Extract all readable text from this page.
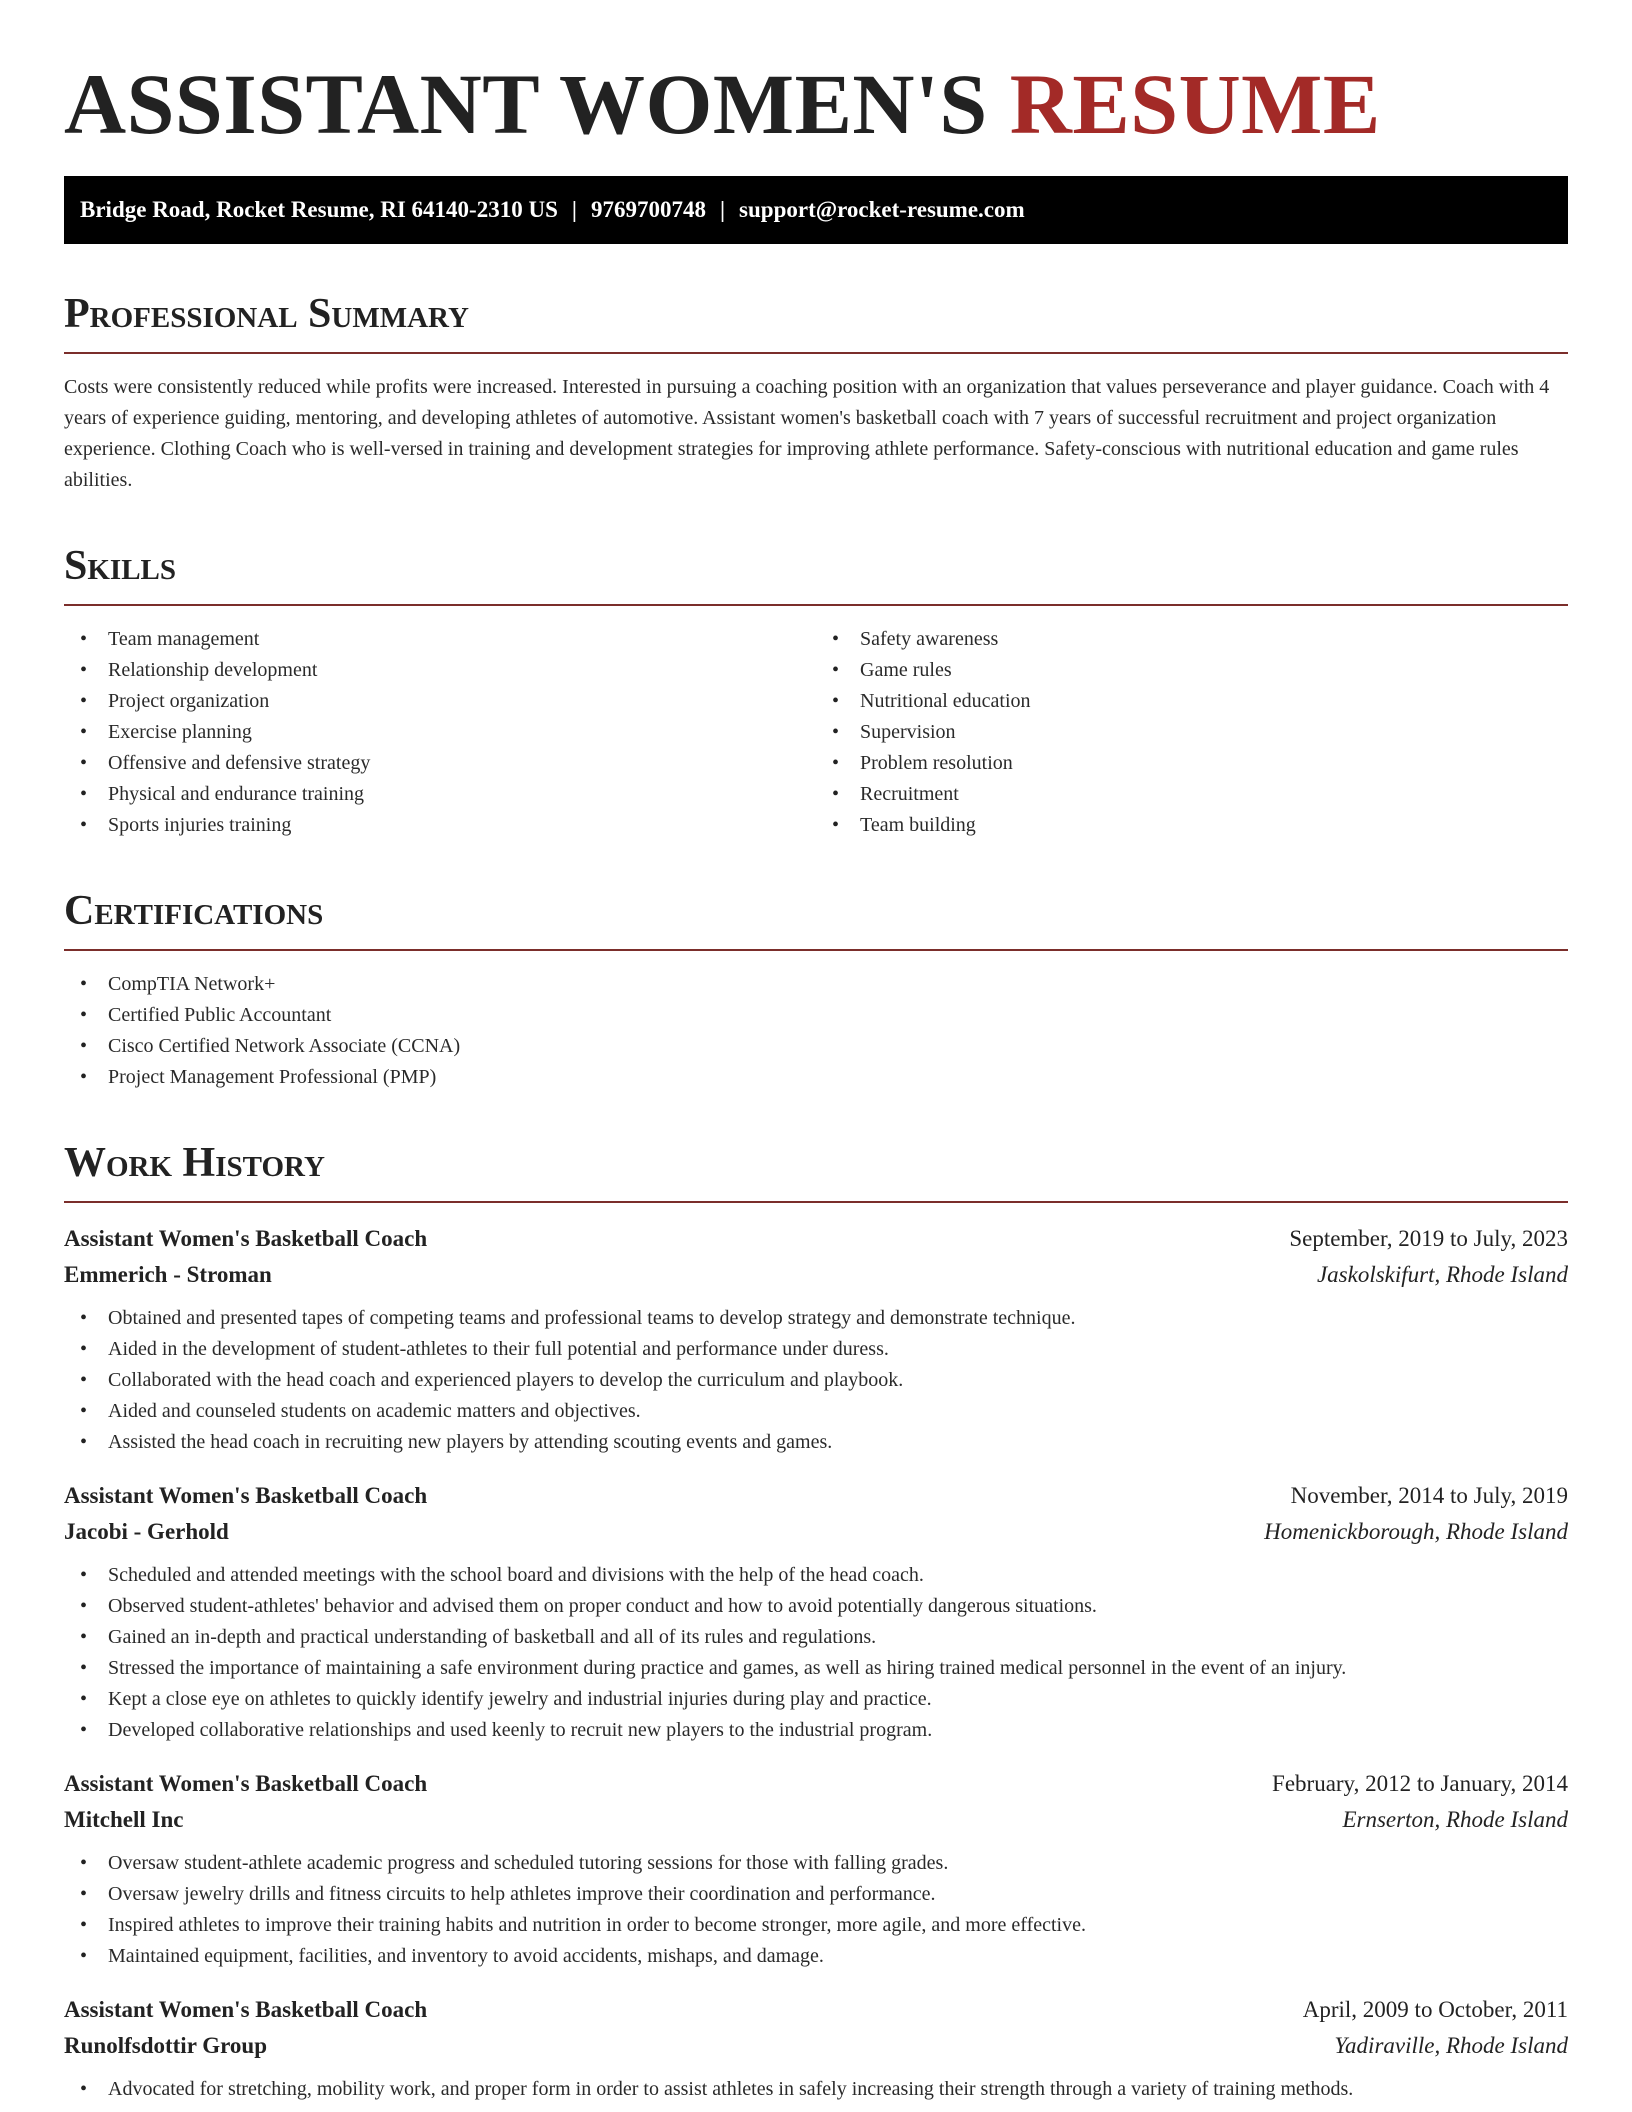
ASSISTANT WOMEN'S RESUME
Bridge Road, Rocket Resume, RI 64140-2310 US | 9769700748 | support@rocket-resume.com
Professional Summary

Costs were consistently reduced while profits were increased. Interested in pursuing a coaching position with an organization that values perseverance and player guidance. Coach with 4 years of experience guiding, mentoring, and developing athletes of automotive. Assistant women's basketball coach with 7 years of successful recruitment and project organization experience. Clothing Coach who is well-versed in training and development strategies for improving athlete performance. Safety-conscious with nutritional education and game rules abilities.

Skills
• Team management
• Relationship development
• Project organization
• Exercise planning
• Offensive and defensive strategy
• Physical and endurance training
• Sports injuries training
• Safety awareness
• Game rules
• Nutritional education
• Supervision
• Problem resolution
• Recruitment
• Team building
Certifications
• CompTIA Network+
• Certified Public Accountant
• Cisco Certified Network Associate (CCNA)
• Project Management Professional (PMP)
Work History
Assistant Women's Basketball Coach	September, 2019 to July, 2023
Emmerich - Stroman	Jaskolskifurt, Rhode Island
• Obtained and presented tapes of competing teams and professional teams to develop strategy and demonstrate technique.
• Aided in the development of student-athletes to their full potential and performance under duress.
• Collaborated with the head coach and experienced players to develop the curriculum and playbook.
• Aided and counseled students on academic matters and objectives.
• Assisted the head coach in recruiting new players by attending scouting events and games.
Assistant Women's Basketball Coach	November, 2014 to July, 2019
Jacobi - Gerhold	Homenickborough, Rhode Island
• Scheduled and attended meetings with the school board and divisions with the help of the head coach.
• Observed student-athletes' behavior and advised them on proper conduct and how to avoid potentially dangerous situations.
• Gained an in-depth and practical understanding of basketball and all of its rules and regulations.
• Stressed the importance of maintaining a safe environment during practice and games, as well as hiring trained medical personnel in the event of an injury.
• Kept a close eye on athletes to quickly identify jewelry and industrial injuries during play and practice.
• Developed collaborative relationships and used keenly to recruit new players to the industrial program.
Assistant Women's Basketball Coach	February, 2012 to January, 2014
Mitchell Inc	Ernserton, Rhode Island
• Oversaw student-athlete academic progress and scheduled tutoring sessions for those with falling grades.
• Oversaw jewelry drills and fitness circuits to help athletes improve their coordination and performance.
• Inspired athletes to improve their training habits and nutrition in order to become stronger, more agile, and more effective.
• Maintained equipment, facilities, and inventory to avoid accidents, mishaps, and damage.
Assistant Women's Basketball Coach	April, 2009 to October, 2011
Runolfsdottir Group	Yadiraville, Rhode Island
• Advocated for stretching, mobility work, and proper form in order to assist athletes in safely increasing their strength through a variety of training methods.
